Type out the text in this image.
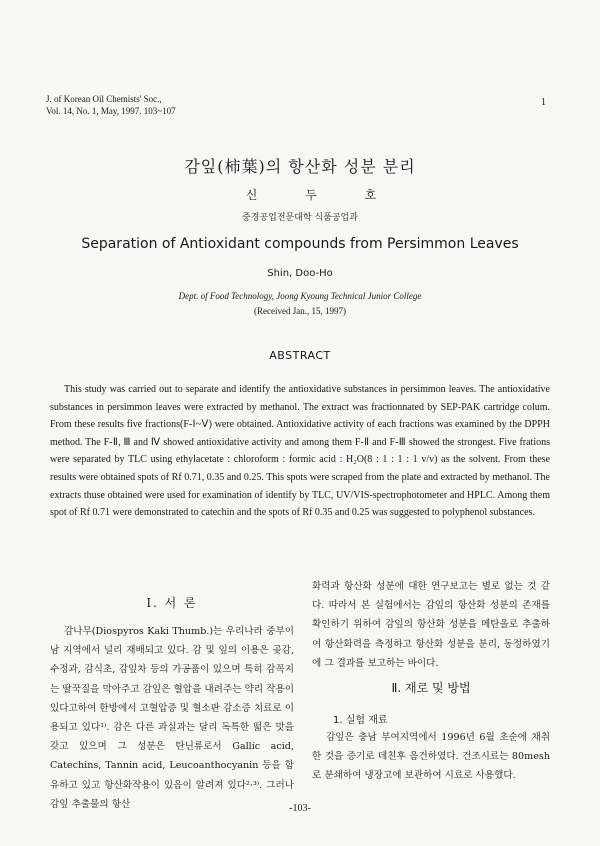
J. of Korean Oil Chemists' Soc.,
Vol. 14, No. 1, May, 1997. 103~107
1
감잎(柿葉)의 항산화 성분 분리
신 두 호
중경공업전문대학 식품공업과
Separation of Antioxidant compounds from Persimmon Leaves
Shin, Doo-Ho
Dept. of Food Technology, Joong Kyoung Technical Junior College
(Received Jan., 15, 1997)
ABSTRACT
This study was carried out to separate and identify the antioxidative substances in persimmon leaves. The antioxidative substances in persimmon leaves were extracted by methanol. The extract was fractionnated by SEP-PAK cartridge colum. From these results five fractions(F-Ⅰ~Ⅴ) were obtained. Antioxidative activity of each fractions was examined by the DPPH method. The F-Ⅱ, Ⅲ and Ⅳ showed antioxidative activity and among them F-Ⅱ and F-Ⅲ showed the strongest. Five frations were separated by TLC using ethylacetate : chloroform : formic acid : H₂O(8 : 1 : 1 : 1 v/v) as the solvent. From these results were obtained spots of Rf 0.71, 0.35 and 0.25. This spots were scraped from the plate and extracted by methanol. The extracts thuse obtained were used for examination of identify by TLC, UV/VIS-spectrophotometer and HPLC. Among them spot of Rf 0.71 were demonstrated to catechin and the spots of Rf 0.35 and 0.25 was suggested to polyphenol substances.
Ⅰ. 서 론

감나무(Diospyros Kaki Thumb.)는 우리나라 중부이남 지역에서 널리 재배되고 있다. 감 및 잎의 이용은 곶감, 수정과, 감식초, 감잎차 등의 가공품이 있으며 특히 감꼭지는 딸꾹질을 막아주고 감잎은 혈압을 내려주는 약리 작용이 있다고하여 한방에서 고혈압증 및 혈소판 감소증 치료로 이용되고 있다¹⁾. 감은 다른 과실과는 달리 독특한 떫은 맛을 갖고 있으며 그 성분은 탄닌류로서 Gallic acid, Catechins, Tannin acid, Leucoanthocyanin 등을 함유하고 있고 항산화작용이 있음이 알려져 있다²·³⁾. 그러나 감잎 추출물의 항산

화력과 항산화 성분에 대한 연구보고는 별로 없는 것 같다. 따라서 본 실험에서는 감잎의 항산화 성분의 존재를 확인하기 위하여 감잎의 항산화 성분을 메탄올로 추출하여 항산화력을 측정하고 항산화 성분을 분리, 동정하였기에 그 결과를 보고하는 바이다.

Ⅱ. 재로 및 방법
1. 실험 재료

감잎은 충남 부여지역에서 1996년 6월 초순에 채취한 것을 증기로 데친후 음건하였다. 건조시료는 80mesh로 분쇄하여 냉장고에 보관하여 시료로 사용했다.

-103-
